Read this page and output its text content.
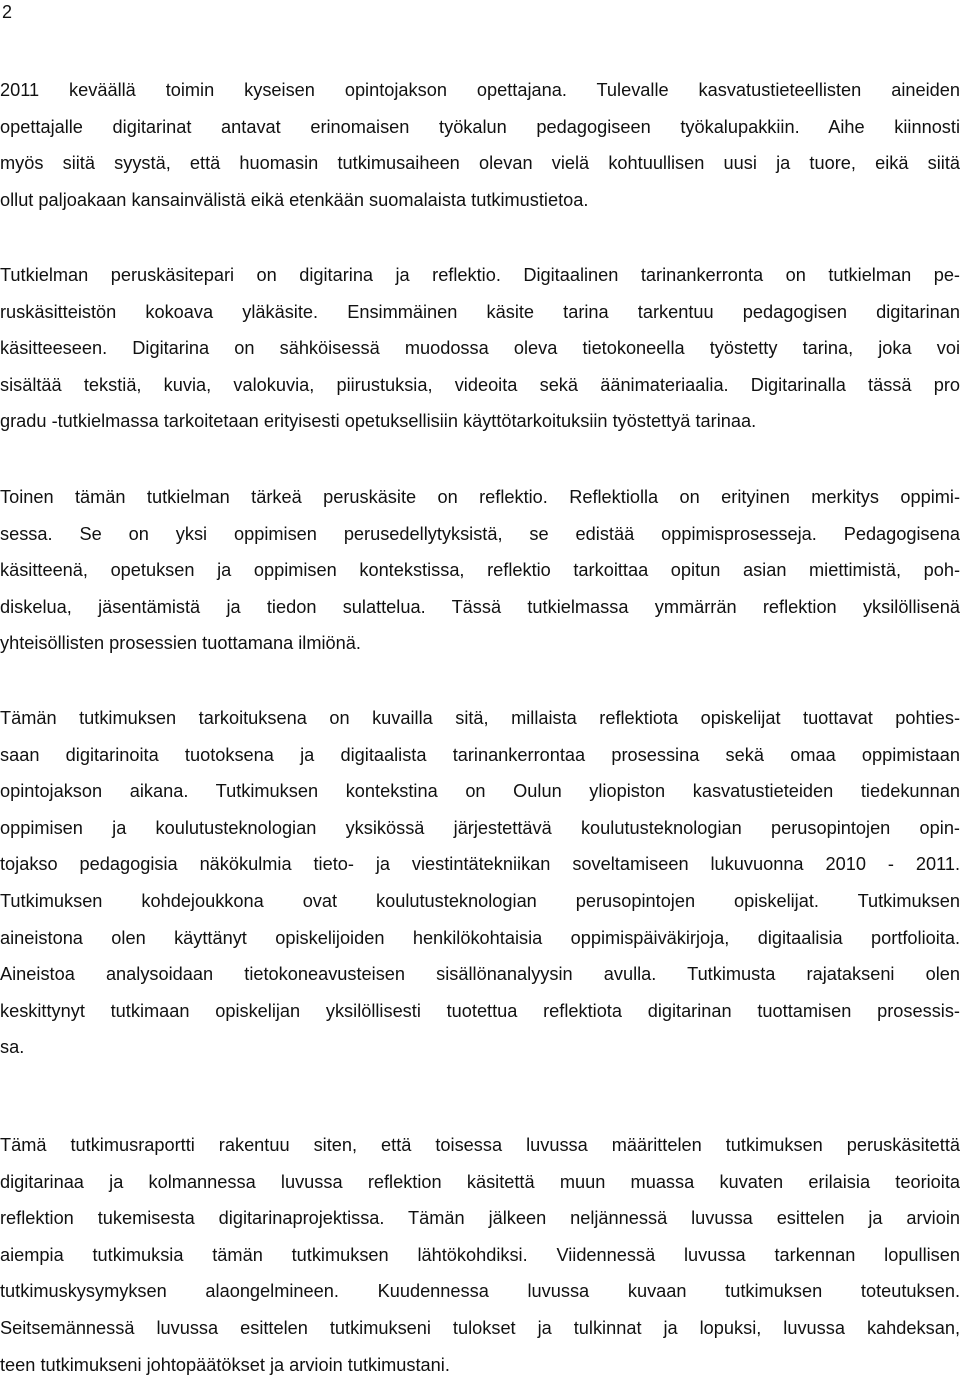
2
2011 keväällä toimin kyseisen opintojakson opettajana. Tulevalle kasvatustieteellisten aineiden
opettajalle digitarinat antavat erinomaisen työkalun pedagogiseen työkalupakkiin. Aihe kiinnosti
myös siitä syystä, että huomasin tutkimusaiheen olevan vielä kohtuullisen uusi ja tuore, eikä siitä
ollut paljoakaan kansainvälistä eikä etenkään suomalaista tutkimustietoa.
Tutkielman peruskäsitepari on digitarina ja reflektio. Digitaalinen tarinankerronta on tutkielman pe-
ruskäsitteistön kokoava yläkäsite. Ensimmäinen käsite tarina tarkentuu pedagogisen digitarinan
käsitteeseen. Digitarina on sähköisessä muodossa oleva tietokoneella työstetty tarina, joka voi
sisältää tekstiä, kuvia, valokuvia, piirustuksia, videoita sekä äänimateriaalia. Digitarinalla tässä pro
gradu -tutkielmassa tarkoitetaan erityisesti opetuksellisiin käyttötarkoituksiin työstettyä tarinaa.
Toinen tämän tutkielman tärkeä peruskäsite on reflektio. Reflektiolla on erityinen merkitys oppimi-
sessa. Se on yksi oppimisen perusedellytyksistä, se edistää oppimisprosesseja. Pedagogisena
käsitteenä, opetuksen ja oppimisen kontekstissa, reflektio tarkoittaa opitun asian miettimistä, poh-
diskelua, jäsentämistä ja tiedon sulattelua. Tässä tutkielmassa ymmärrän reflektion yksilöllisenä
yhteisöllisten prosessien tuottamana ilmiönä.
Tämän tutkimuksen tarkoituksena on kuvailla sitä, millaista reflektiota opiskelijat tuottavat pohties-
saan digitarinoita tuotoksena ja digitaalista tarinankerrontaa prosessina sekä omaa oppimistaan
opintojakson aikana. Tutkimuksen kontekstina on Oulun yliopiston kasvatustieteiden tiedekunnan
oppimisen ja koulutusteknologian yksikössä järjestettävä koulutusteknologian perusopintojen opin-
tojakso pedagogisia näkökulmia tieto- ja viestintätekniikan soveltamiseen lukuvuonna 2010 - 2011.
Tutkimuksen kohdejoukkona ovat koulutusteknologian perusopintojen opiskelijat. Tutkimuksen
aineistona olen käyttänyt opiskelijoiden henkilökohtaisia oppimispäiväkirjoja, digitaalisia portfolioita.
Aineistoa analysoidaan tietokoneavusteisen sisällönanalyysin avulla. Tutkimusta rajatakseni olen
keskittynyt tutkimaan opiskelijan yksilöllisesti tuotettua reflektiota digitarinan tuottamisen prosessis-
sa.
Tämä tutkimusraportti rakentuu siten, että toisessa luvussa määrittelen tutkimuksen peruskäsitettä
digitarinaa ja kolmannessa luvussa reflektion käsitettä muun muassa kuvaten erilaisia teorioita
reflektion tukemisesta digitarinaprojektissa. Tämän jälkeen neljännessä luvussa esittelen ja arvioin
aiempia tutkimuksia tämän tutkimuksen lähtökohdiksi. Viidennessä luvussa tarkennan lopullisen
tutkimuskysymyksen alaongelmineen. Kuudennessa luvussa kuvaan tutkimuksen toteutuksen.
Seitsemännessä luvussa esittelen tutkimukseni tulokset ja tulkinnat ja lopuksi, luvussa kahdeksan,
teen tutkimukseni johtopäätökset ja arvioin tutkimustani.
